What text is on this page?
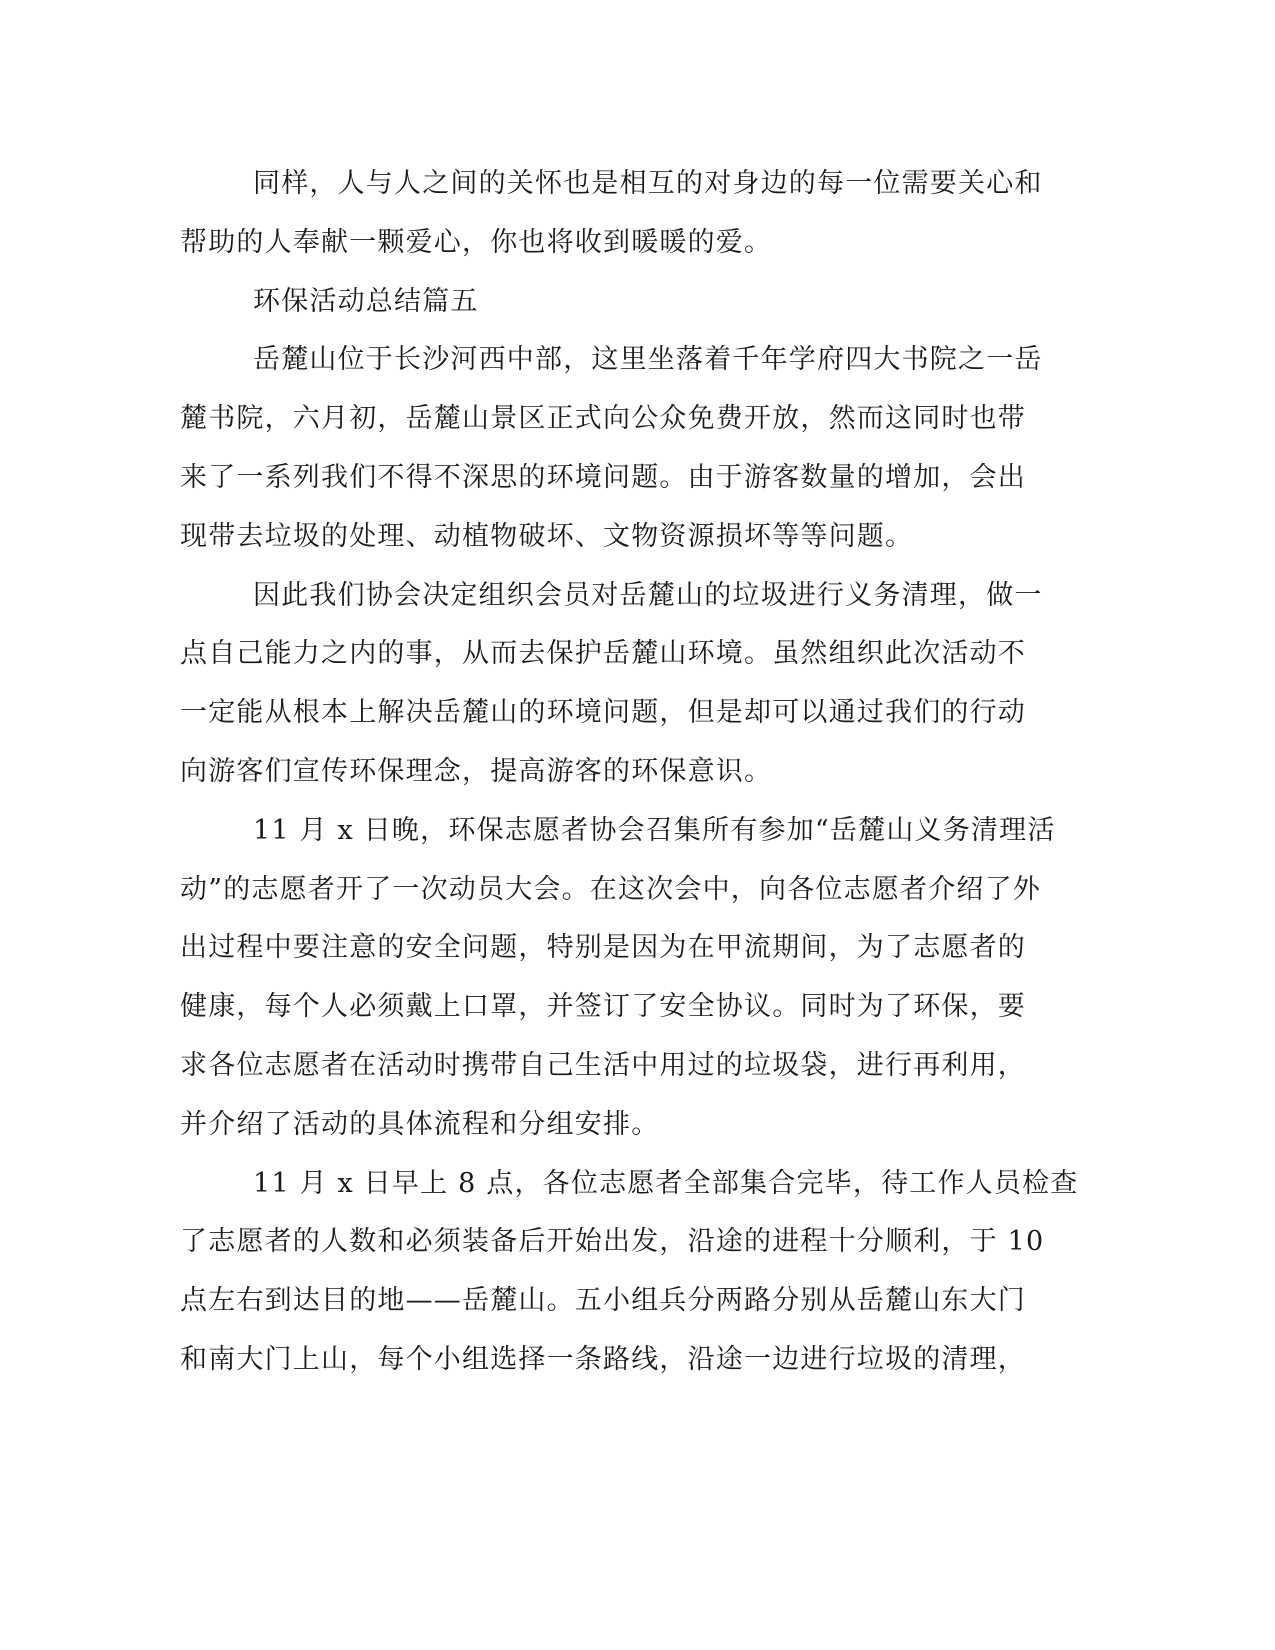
同样，人与人之间的关怀也是相互的对身边的每一位需要关心和
帮助的人奉献一颗爱心，你也将收到暖暖的爱。
环保活动总结篇五
岳麓山位于长沙河西中部，这里坐落着千年学府四大书院之一岳
麓书院，六月初，岳麓山景区正式向公众免费开放，然而这同时也带
来了一系列我们不得不深思的环境问题。由于游客数量的增加，会出
现带去垃圾的处理、动植物破坏、文物资源损坏等等问题。
因此我们协会决定组织会员对岳麓山的垃圾进行义务清理，做一
点自己能力之内的事，从而去保护岳麓山环境。虽然组织此次活动不
一定能从根本上解决岳麓山的环境问题，但是却可以通过我们的行动
向游客们宣传环保理念，提高游客的环保意识。
11 月 x 日晚，环保志愿者协会召集所有参加“岳麓山义务清理活
动”的志愿者开了一次动员大会。在这次会中，向各位志愿者介绍了外
出过程中要注意的安全问题，特别是因为在甲流期间，为了志愿者的
健康，每个人必须戴上口罩，并签订了安全协议。同时为了环保，要
求各位志愿者在活动时携带自己生活中用过的垃圾袋，进行再利用，
并介绍了活动的具体流程和分组安排。
11 月 x 日早上 8 点，各位志愿者全部集合完毕，待工作人员检查
了志愿者的人数和必须装备后开始出发，沿途的进程十分顺利，于 10
点左右到达目的地——岳麓山。五小组兵分两路分别从岳麓山东大门
和南大门上山，每个小组选择一条路线，沿途一边进行垃圾的清理，
